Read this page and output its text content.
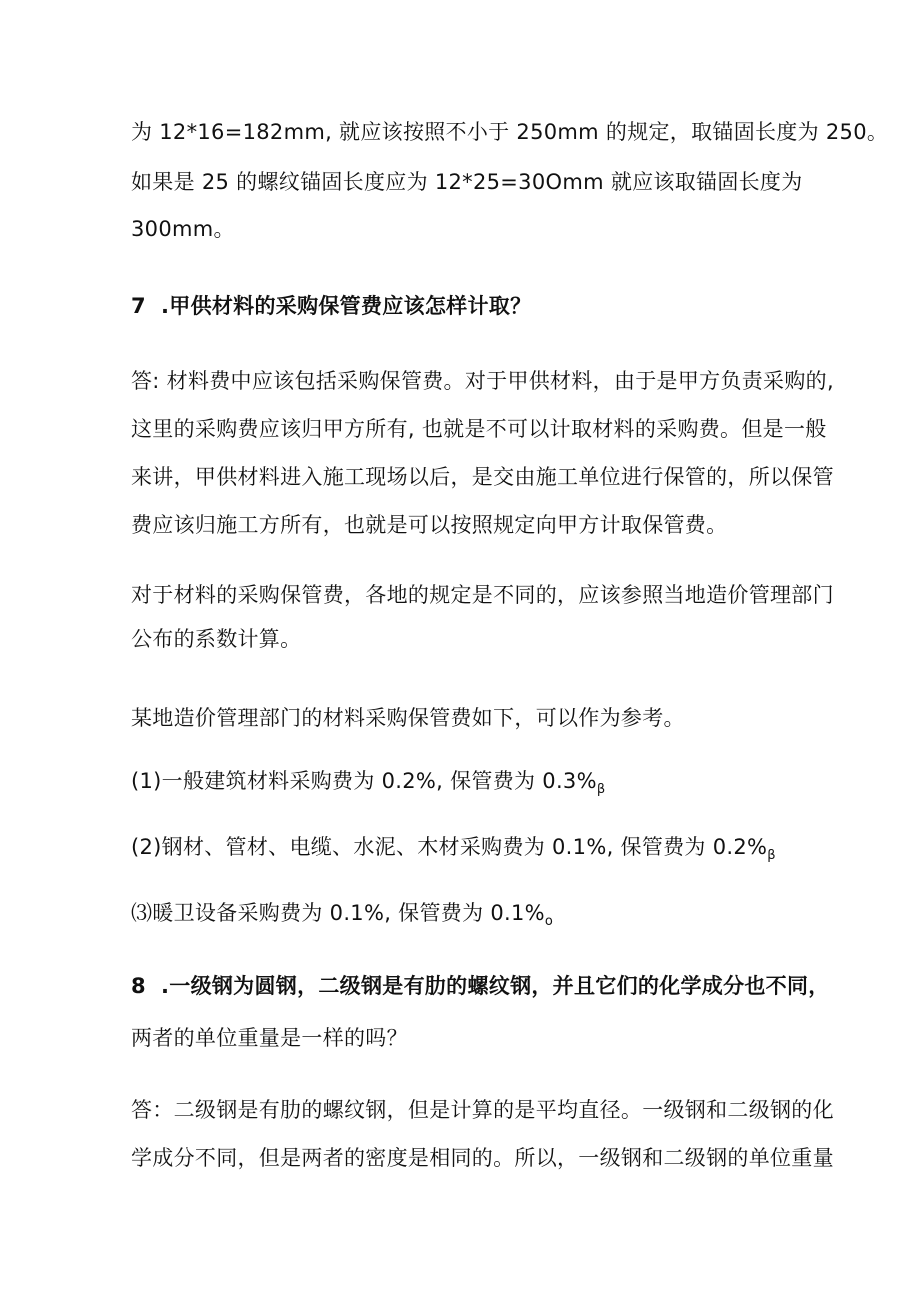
为 12*16=182mm, 就应该按照不小于 250mm 的规定，取锚固长度为 250。
如果是 25 的螺纹锚固长度应为 12*25=30Omm 就应该取锚固长度为
300mm。
7 .甲供材料的采购保管费应该怎样计取？
答: 材料费中应该包括采购保管费。对于甲供材料，由于是甲方负责采购的,
这里的采购费应该归甲方所有, 也就是不可以计取材料的采购费。但是一般
来讲，甲供材料进入施工现场以后，是交由施工单位进行保管的，所以保管
费应该归施工方所有，也就是可以按照规定向甲方计取保管费。
对于材料的采购保管费，各地的规定是不同的，应该参照当地造价管理部门
公布的系数计算。
某地造价管理部门的材料采购保管费如下，可以作为参考。
(1)一般建筑材料采购费为 0.2%, 保管费为 $0.3\%_\beta$
(2)钢材、管材、电缆、水泥、木材采购费为 0.1%, 保管费为 $0.2\%_\beta$
⑶暖卫设备采购费为 0.1%, 保管费为 $0.1\%_o$
8 .一级钢为圆钢，二级钢是有肋的螺纹钢，并且它们的化学成分也不同，
两者的单位重量是一样的吗？
答：二级钢是有肋的螺纹钢，但是计算的是平均直径。一级钢和二级钢的化
学成分不同，但是两者的密度是相同的。所以，一级钢和二级钢的单位重量
